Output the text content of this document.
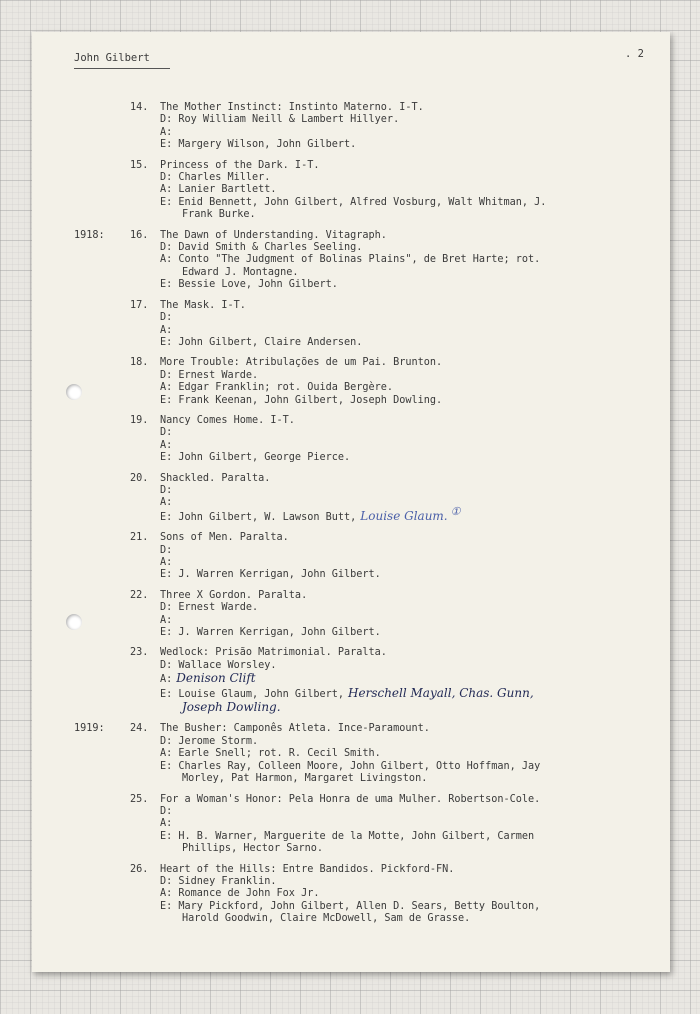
John Gilbert	. 2
14. The Mother Instinct: Instinto Materno. I-T.
D: Roy William Neill & Lambert Hillyer.
A:
E: Margery Wilson, John Gilbert.
15. Princess of the Dark. I-T.
D: Charles Miller.
A: Lanier Bartlett.
E: Enid Bennett, John Gilbert, Alfred Vosburg, Walt Whitman, J.
Frank Burke.
1918: 16. The Dawn of Understanding. Vitagraph.
D: David Smith & Charles Seeling.
A: Conto "The Judgment of Bolinas Plains", de Bret Harte; rot.
Edward J. Montagne.
E: Bessie Love, John Gilbert.
17. The Mask. I-T.
D:
A:
E: John Gilbert, Claire Andersen.
18. More Trouble: Atribulações de um Pai. Brunton.
D: Ernest Warde.
A: Edgar Franklin; rot. Ouida Bergère.
E: Frank Keenan, John Gilbert, Joseph Dowling.
19. Nancy Comes Home. I-T.
D:
A:
E: John Gilbert, George Pierce.
20. Shackled. Paralta.
D:
A:
E: John Gilbert, W. Lawson Butt, Louise Glaum. ①
21. Sons of Men. Paralta.
D:
A:
E: J. Warren Kerrigan, John Gilbert.
22. Three X Gordon. Paralta.
D: Ernest Warde.
A:
E: J. Warren Kerrigan, John Gilbert.
23. Wedlock: Prisão Matrimonial. Paralta.
D: Wallace Worsley.
A: Denison Clift
E: Louise Glaum, John Gilbert, Herschell Mayall, Chas. Gunn,
Joseph Dowling.
1919: 24. The Busher: Camponês Atleta. Ince-Paramount.
D: Jerome Storm.
A: Earle Snell; rot. R. Cecil Smith.
E: Charles Ray, Colleen Moore, John Gilbert, Otto Hoffman, Jay
Morley, Pat Harmon, Margaret Livingston.
25. For a Woman's Honor: Pela Honra de uma Mulher. Robertson-Cole.
D:
A:
E: H. B. Warner, Marguerite de la Motte, John Gilbert, Carmen
Phillips, Hector Sarno.
26. Heart of the Hills: Entre Bandidos. Pickford-FN.
D: Sidney Franklin.
A: Romance de John Fox Jr.
E: Mary Pickford, John Gilbert, Allen D. Sears, Betty Boulton,
Harold Goodwin, Claire McDowell, Sam de Grasse.
